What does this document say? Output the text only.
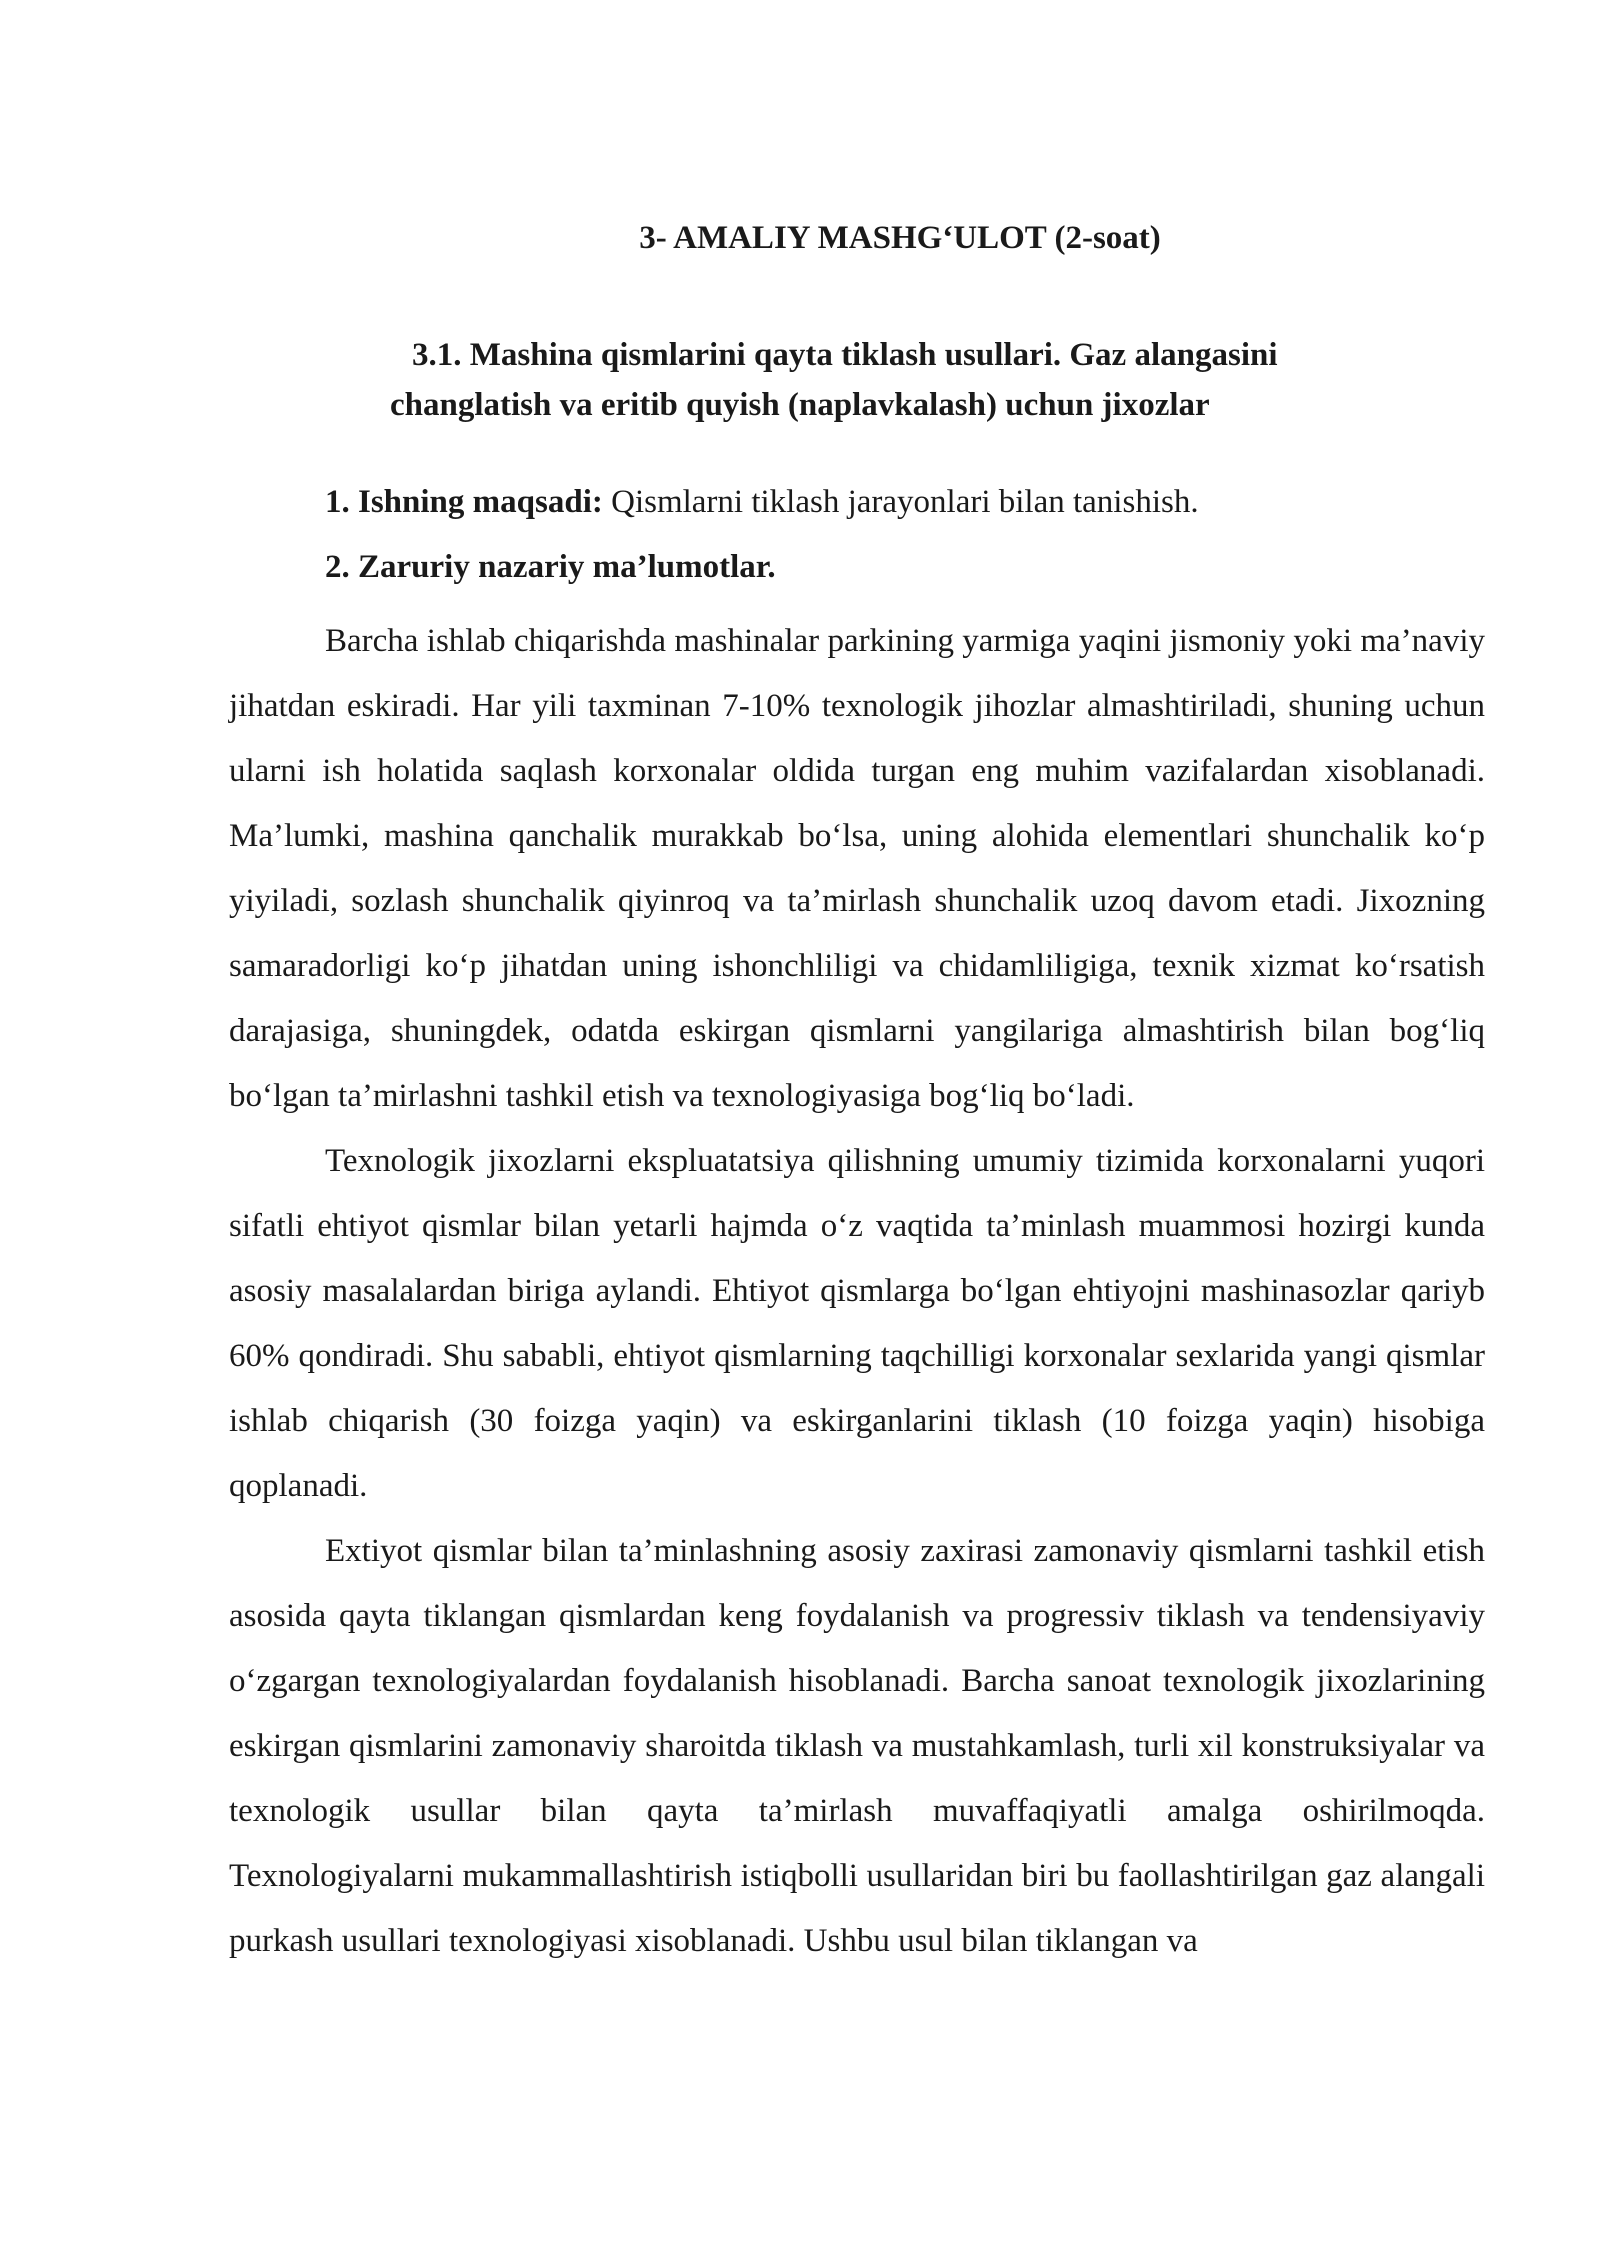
3- AMALIY MASHG‘ULOT (2-soat)
3.1. Mashina qismlarini qayta tiklash usullari. Gaz alangasini
changlatish va eritib quyish (naplavkalash) uchun jixozlar
1. Ishning maqsadi: Qismlarni tiklash jarayonlari bilan tanishish.
2. Zaruriy nazariy ma’lumotlar.

Barcha ishlab chiqarishda mashinalar parkining yarmiga yaqini jismoniy yoki ma’naviy jihatdan eskiradi. Har yili taxminan 7-10% texnologik jihozlar almashtiriladi, shuning uchun ularni ish holatida saqlash korxonalar oldida turgan eng muhim vazifalardan xisoblanadi. Ma’lumki, mashina qanchalik murakkab bo‘lsa, uning alohida elementlari shunchalik ko‘p yiyiladi, sozlash shunchalik qiyinroq va ta’mirlash shunchalik uzoq davom etadi. Jixozning samaradorligi ko‘p jihatdan uning ishonchliligi va chidamliligiga, texnik xizmat ko‘rsatish darajasiga, shuningdek, odatda eskirgan qismlarni yangilariga almashtirish bilan bog‘liq bo‘lgan ta’mirlashni tashkil etish va texnologiyasiga bog‘liq bo‘ladi.

Texnologik jixozlarni ekspluatatsiya qilishning umumiy tizimida korxonalarni yuqori sifatli ehtiyot qismlar bilan yetarli hajmda o‘z vaqtida ta’minlash muammosi hozirgi kunda asosiy masalalardan biriga aylandi. Ehtiyot qismlarga bo‘lgan ehtiyojni mashinasozlar qariyb 60% qondiradi. Shu sababli, ehtiyot qismlarning taqchilligi korxonalar sexlarida yangi qismlar ishlab chiqarish (30 foizga yaqin) va eskirganlarini tiklash (10 foizga yaqin) hisobiga qoplanadi.

Extiyot qismlar bilan ta’minlashning asosiy zaxirasi zamonaviy qismlarni tashkil etish asosida qayta tiklangan qismlardan keng foydalanish va progressiv tiklash va tendensiyaviy o‘zgargan texnologiyalardan foydalanish hisoblanadi. Barcha sanoat texnologik jixozlarining eskirgan qismlarini zamonaviy sharoitda tiklash va mustahkamlash, turli xil konstruksiyalar va texnologik usullar bilan qayta ta’mirlash muvaffaqiyatli amalga oshirilmoqda. Texnologiyalarni mukammallashtirish istiqbolli usullaridan biri bu faollashtirilgan gaz alangali purkash usullari texnologiyasi xisoblanadi. Ushbu usul bilan tiklangan va
